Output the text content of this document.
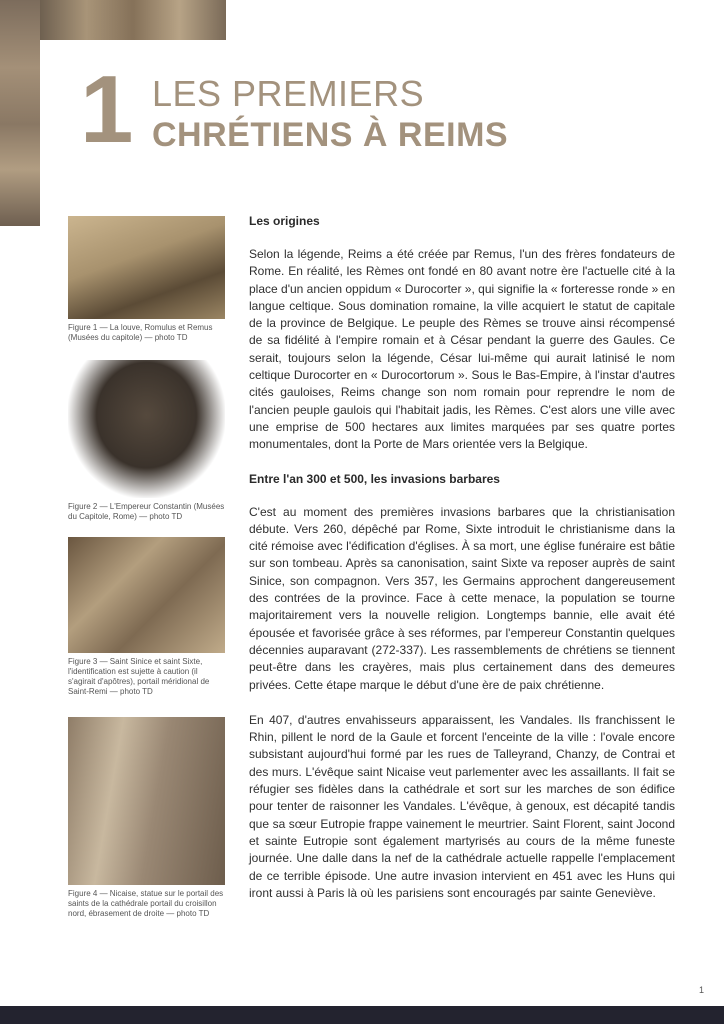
1 LES PREMIERS
CHRÉTIENS À REIMS
Figure 1 — La louve, Romulus et Remus (Musées du capitole) — photo TD
Figure 2 — L'Empereur Constantin (Musées du Capitole, Rome) — photo TD
Figure 3 — Saint Sinice et saint Sixte, l'identification est sujette à caution (il s'agirait d'apôtres), portail méridional de Saint-Remi — photo TD
Figure 4 — Nicaise, statue sur le portail des saints de la cathédrale portail du croisillon nord, ébrasement de droite — photo TD
Les origines

Selon la légende, Reims a été créée par Remus, l'un des frères fondateurs de Rome. En réalité, les Rèmes ont fondé en 80 avant notre ère l'actuelle cité à la place d'un ancien oppidum « Durocorter », qui signifie la « forteresse ronde » en langue celtique. Sous domination romaine, la ville acquiert le statut de capitale de la province de Belgique. Le peuple des Rèmes se trouve ainsi récompensé de sa fidélité à l'empire romain et à César pendant la guerre des Gaules. Ce serait, toujours selon la légende, César lui-même qui aurait latinisé le nom celtique Durocorter en « Durocortorum ». Sous le Bas-Empire, à l'instar d'autres cités gauloises, Reims change son nom romain pour reprendre le nom de l'ancien peuple gaulois qui l'habitait jadis, les Rèmes. C'est alors une ville avec une emprise de 500 hectares aux limites marquées par ses quatre portes monumentales, dont la Porte de Mars orientée vers la Belgique.

Entre l'an 300 et 500, les invasions barbares

C'est au moment des premières invasions barbares que la christianisation débute. Vers 260, dépêché par Rome, Sixte introduit le christianisme dans la cité rémoise avec l'édification d'églises. À sa mort, une église funéraire est bâtie sur son tombeau. Après sa canonisation, saint Sixte va reposer auprès de saint Sinice, son compagnon. Vers 357, les Germains approchent dangereusement des contrées de la province. Face à cette menace, la population se tourne majoritairement vers la nouvelle religion. Longtemps bannie, elle avait été épousée et favorisée grâce à ses réformes, par l'empereur Constantin quelques décennies auparavant (272-337). Les rassemblements de chrétiens se tiennent peut-être dans les crayères, mais plus certainement dans des demeures privées. Cette étape marque le début d'une ère de paix chrétienne.

En 407, d'autres envahisseurs apparaissent, les Vandales. Ils franchissent le Rhin, pillent le nord de la Gaule et forcent l'enceinte de la ville : l'ovale encore subsistant aujourd'hui formé par les rues de Talleyrand, Chanzy, de Contrai et des murs. L'évêque saint Nicaise veut parlementer avec les assaillants. Il fait se réfugier ses fidèles dans la cathédrale et sort sur les marches de son édifice pour tenter de raisonner les Vandales. L'évêque, à genoux, est décapité tandis que sa sœur Eutropie frappe vainement le meurtrier. Saint Florent, saint Jocond et sainte Eutropie sont également martyrisés au cours de la même funeste journée. Une dalle dans la nef de la cathédrale actuelle rappelle l'emplacement de ce terrible épisode. Une autre invasion intervient en 451 avec les Huns qui iront aussi à Paris là où les parisiens sont encouragés par sainte Geneviève.

1
